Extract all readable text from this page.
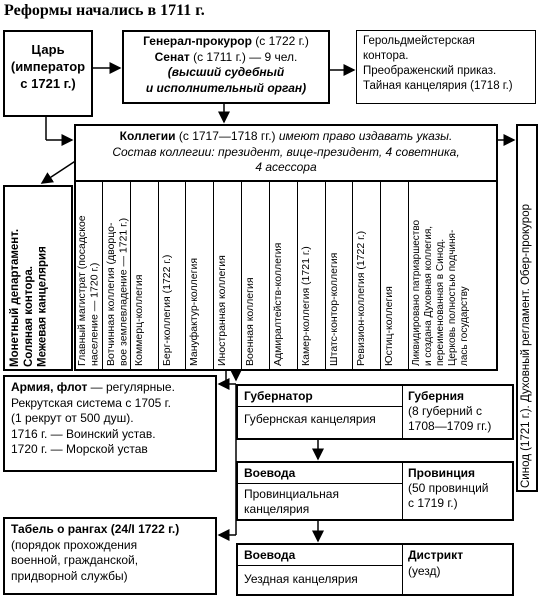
Реформы начались в 1711 г.
Царь
(император
с 1721 г.)
Генерал-прокурор (с 1722 г.)
Сенат (с 1711 г.) — 9 чел.
(высший судебный
и исполнительный орган)
Герольдмейстерская
контора.
Преображенский приказ.
Тайная канцелярия (1718 г.)
Коллегии (с 1717—1718 гг.) имеют право издавать указы.
Состав коллегии: президент, вице-президент, 4 советника,
4 асессора
Монетный департамент.
Соляная контора.
Межевая канцелярия
Главный магистрат (посадское
население — 1720 г.)
Вотчинная коллегия (дворцо-
вое землевладение — 1721 г.)
Коммерц-коллегия Берг-коллегия (1722 г.) Мануфактур-коллегия Иностранная коллегия Военная коллегия Адмиралтейств-коллегия Камер-коллегия (1721 г.) Штатс-контор-коллегия Ревизион-коллегия (1722 г.) Юстиц-коллегия Ликвидировано патриаршество
и создана Духовная коллегия,
переименованная в Синод.
Церковь полностью подчиня-
лась государству	Синод (1721 г.). Духовный регламент. Обер-прокурор
Армия, флот — регулярные.
Рекрутская система с 1705 г.
(1 рекрут от 500 душ).
1716 г. — Воинский устав.
1720 г. — Морской устав
Табель о рангах (24/I 1722 г.)
(порядок прохождения
военной, гражданской,
придворной службы)
Губернатор
Губернская канцелярия
Губерния
(8 губерний с
1708—1709 гг.)
Воевода
Провинциальная
канцелярия
Провинция
(50 провинций
с 1719 г.)
Воевода
Уездная канцелярия
Дистрикт
(уезд)
